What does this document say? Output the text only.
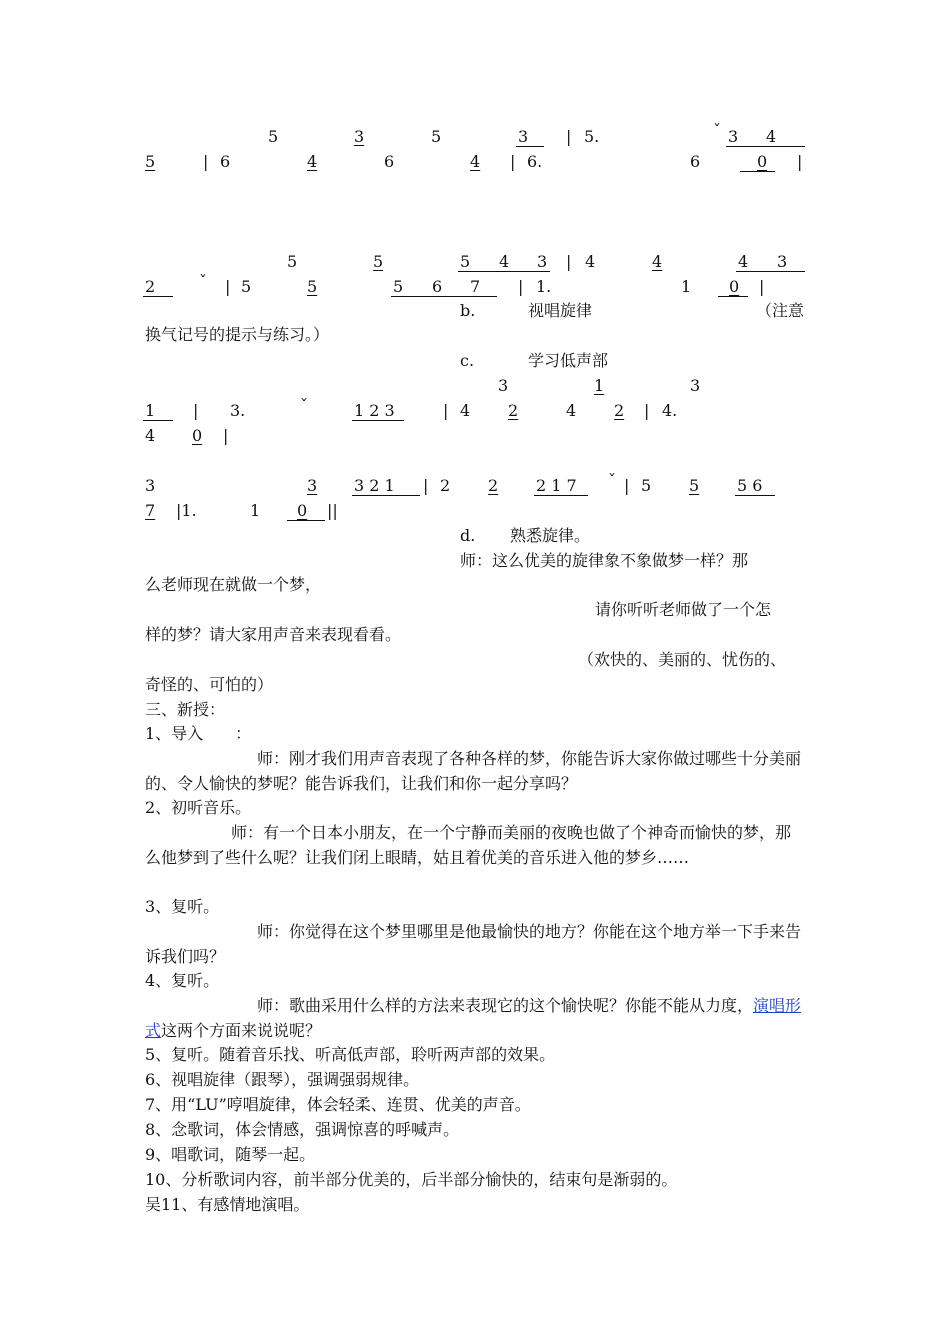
5	3	5	3 | 5.	ˇ 3 4
5	| 6	4	6	4 | 6.	6	0 |
5	5	5 4 3 | 4	4	4 3
2	ˇ | 5	5	5 6 7 | 1.	1 0 |
b.	视唱旋律	（注意
换气记号的提示与练习。）
c.	学习低声部
3	1	3
1 | 3.	ˇ	1 2 3	| 4 2	4 2 | 4.
4 0 |
3	3 3 2 1 | 2 2 2 1 7 ˇ | 5 5 5 6
7 |1.	1 0 ||
d. 熟悉旋律。
师：这么优美的旋律象不象做梦一样？那
么老师现在就做一个梦，
请你听听老师做了一个怎
样的梦？请大家用声音来表现看看。
（欢快的、美丽的、忧伤的、
奇怪的、可怕的）
三、新授：
1、导入　　：
师：刚才我们用声音表现了各种各样的梦，你能告诉大家你做过哪些十分美丽的、令人愉快的梦呢？能告诉我们，让我们和你一起分享吗？
2、初听音乐。
师：有一个日本小朋友，在一个宁静而美丽的夜晚也做了个神奇而愉快的梦，那么他梦到了些什么呢？让我们闭上眼睛，姑且着优美的音乐进入他的梦乡……
3、复听。
师：你觉得在这个梦里哪里是他最愉快的地方？你能在这个地方举一下手来告诉我们吗？
4、复听。
师：歌曲采用什么样的方法来表现它的这个愉快呢？你能不能从力度，演唱形式这两个方面来说说呢？
5、复听。随着音乐找、听高低声部，聆听两声部的效果。
6、视唱旋律（跟琴），强调强弱规律。
7、用“LU”哼唱旋律，体会轻柔、连贯、优美的声音。
8、念歌词，体会情感，强调惊喜的呼喊声。
9、唱歌词，随琴一起。
10、分析歌词内容，前半部分优美的，后半部分愉快的，结束句是渐弱的。
吴11、有感情地演唱。
